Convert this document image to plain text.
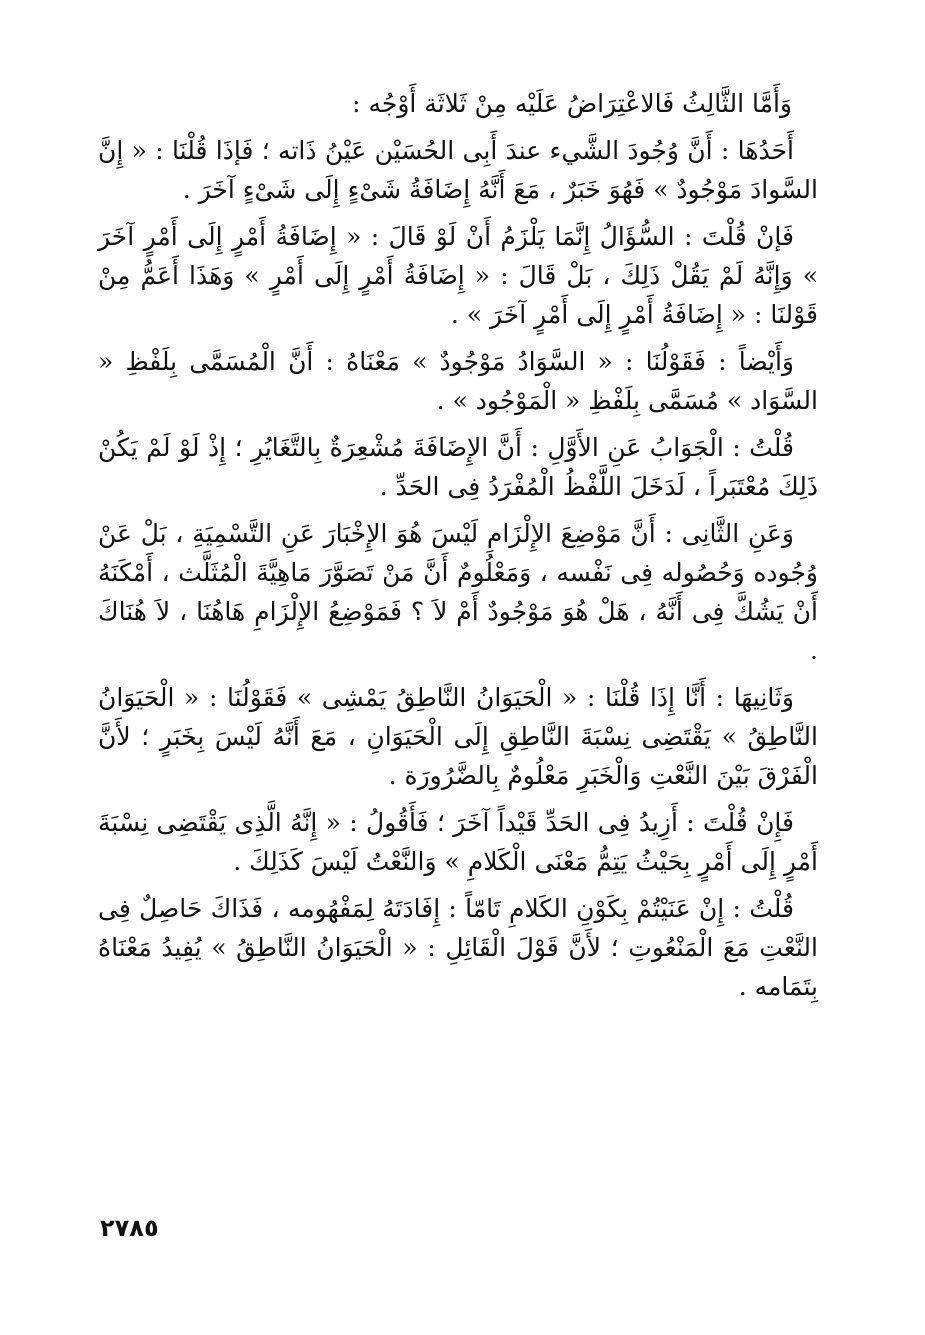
وَأَمَّا الثَّالِثُ فَالاعْتِرَاضُ عَلَيْه مِنْ ثَلاثَة أَوْجُه :

أَحَدُهَا : أَنَّ وُجُودَ الشَّيء عندَ أَبِى الحُسَيْن عَيْنُ ذَاته ؛ فَإذَا قُلْنَا : « إِنَّ السَّوادَ مَوْجُودٌ » فَهُوَ خَبَرٌ ، مَعَ أَنَّهُ إِضَافَةُ شَىْءٍ إِلَى شَىْءٍ آخَرَ .

فَإنْ قُلْتَ : السُّؤَالُ إِنَّمَا يَلْزَمُ أَنْ لَوْ قَالَ : « إِضَافَةُ أَمْرٍ إِلَى أَمْرٍ آخَرَ » وَإِنَّهُ لَمْ يَقُلْ ذَلِكَ ، بَلْ قَالَ : « إِضَافَةُ أَمْرٍ إِلَى أَمْرٍ » وَهَذَا أَعَمُّ مِنْ قَوْلنَا : « إِضَافَةُ أَمْرٍ إِلَى أَمْرٍ آخَرَ » .

وَأَيْضاً : فَقَوْلُنَا : « السَّوَادُ مَوْجُودٌ » مَعْنَاهُ : أَنَّ الْمُسَمَّى بِلَفْظِ « السَّوَاد » مُسَمَّى بِلَفْظِ « الْمَوْجُود » .

قُلْتُ : الْجَوَابُ عَنِ الأَوَّلِ : أَنَّ الإِضَافَةَ مُشْعِرَةٌ بِالتَّغَايُرِ ؛ إِذْ لَوْ لَمْ يَكُنْ ذَلِكَ مُعْتَبَراً ، لَدَخَلَ اللَّفْظُ الْمُفْرَدُ فِى الحَدِّ .

وَعَنِ الثَّانِى : أَنَّ مَوْضِعَ الإِلْزَامِ لَيْسَ هُوَ الإِخْبَارَ عَنِ التَّسْمِيَةِ ، بَلْ عَنْ وُجُوده وَحُصُوله فِى نَفْسه ، وَمَعْلُومٌ أَنَّ مَنْ تَصَوَّرَ مَاهِيَّةَ الْمُثَلَّث ، أَمْكَنَهُ أَنْ يَشُكَّ فِى أَنَّهُ ، هَلْ هُوَ مَوْجُودٌ أَمْ لاَ ؟ فَمَوْضِعُ الإِلْزَامِ هَاهُنَا ، لاَ هُنَاكَ .

وَثَانِيهَا : أَنَّا إِذَا قُلْنَا : « الْحَيَوَانُ النَّاطِقُ يَمْشِى » فَقَوْلُنَا : « الْحَيَوَانُ النَّاطِقُ » يَقْتَضِى نِسْبَةَ النَّاطِقِ إِلَى الْحَيَوَانِ ، مَعَ أَنَّهُ لَيْسَ بِخَبَرٍ ؛ لأَنَّ الْفَرْقَ بَيْنَ النَّعْتِ وَالْخَبَرِ مَعْلُومٌ بِالضَّرُورَة .

فَإِنْ قُلْتَ : أَزِيدُ فِى الحَدِّ قَيْداً آخَرَ ؛ فَأَقُولُ : « إِنَّهُ الَّذِى يَقْتَضِى نِسْبَةَ أَمْرٍ إِلَى أَمْرٍ بِحَيْثُ يَتِمُّ مَعْنَى الْكَلامِ » وَالنَّعْتُ لَيْسَ كَذَلِكَ .

قُلْتُ : إِنْ عَنَيْتُمْ بِكَوْنِ الكَلامِ تَامّاً : إِفَادَتَهُ لِمَفْهُومه ، فَذَاكَ حَاصِلٌ فِى النَّعْتِ مَعَ الْمَنْعُوتِ ؛ لأَنَّ قَوْلَ الْقَائِلِ : « الْحَيَوَانُ النَّاطِقُ » يُفِيدُ مَعْنَاهُ بِتَمَامه .

٢٧٨٥
